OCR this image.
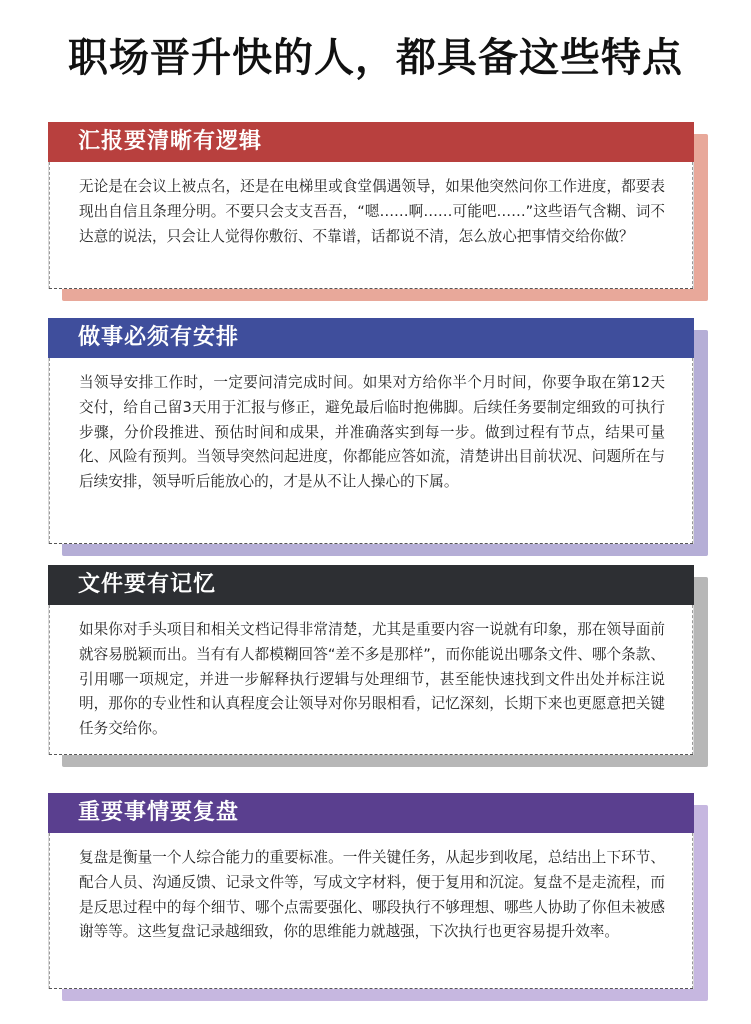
职场晋升快的人，都具备这些特点
汇报要清晰有逻辑
无论是在会议上被点名，还是在电梯里或食堂偶遇领导，如果他突然问你工作进度，都要表现出自信且条理分明。不要只会支支吾吾，“嗯……啊……可能吧……”这些语气含糊、词不达意的说法，只会让人觉得你敷衍、不靠谱，话都说不清，怎么放心把事情交给你做？
做事必须有安排
当领导安排工作时，一定要问清完成时间。如果对方给你半个月时间，你要争取在第12天交付，给自己留3天用于汇报与修正，避免最后临时抱佛脚。后续任务要制定细致的可执行步骤，分价段推进、预估时间和成果，并准确落实到每一步。做到过程有节点，结果可量化、风险有预判。当领导突然问起进度，你都能应答如流，清楚讲出目前状况、问题所在与后续安排，领导听后能放心的，才是从不让人操心的下属。
文件要有记忆
如果你对手头项目和相关文档记得非常清楚，尤其是重要内容一说就有印象，那在领导面前就容易脱颖而出。当有有人都模糊回答“差不多是那样”，而你能说出哪条文件、哪个条款、引用哪一项规定，并进一步解释执行逻辑与处理细节，甚至能快速找到文件出处并标注说明，那你的专业性和认真程度会让领导对你另眼相看，记忆深刻，长期下来也更愿意把关键任务交给你。
重要事情要复盘
复盘是衡量一个人综合能力的重要标准。一件关键任务，从起步到收尾，总结出上下环节、配合人员、沟通反馈、记录文件等，写成文字材料，便于复用和沉淀。复盘不是走流程，而是反思过程中的每个细节、哪个点需要强化、哪段执行不够理想、哪些人协助了你但未被感谢等等。这些复盘记录越细致，你的思维能力就越强，下次执行也更容易提升效率。
